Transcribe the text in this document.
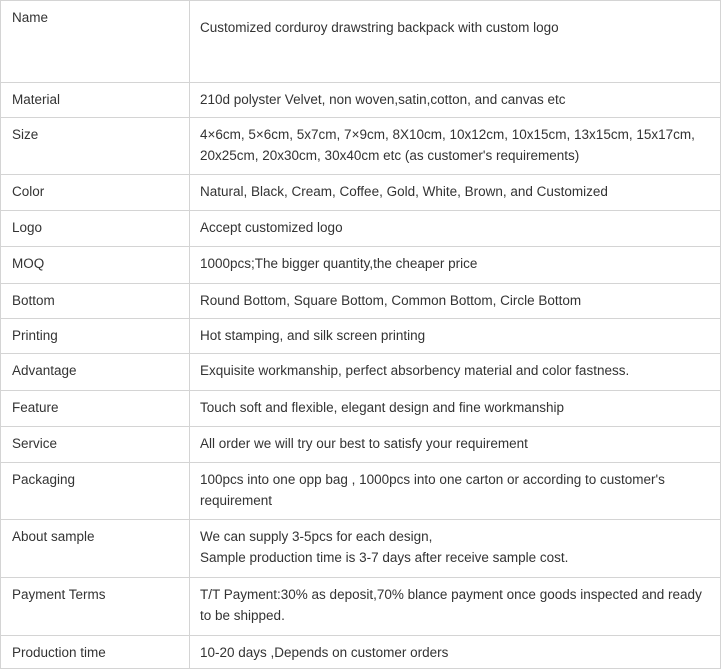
Name	Customized corduroy drawstring backpack with custom logo

Material	210d polyster Velvet, non woven,satin,cotton, and canvas etc

Size	4×6cm, 5×6cm, 5x7cm, 7×9cm, 8X10cm, 10x12cm, 10x15cm, 13x15cm, 15x17cm, 20x25cm, 20x30cm, 30x40cm etc (as customer's requirements)

Color	Natural, Black, Cream, Coffee, Gold, White, Brown, and Customized

Logo	Accept customized logo

MOQ	1000pcs;The bigger quantity,the cheaper price

Bottom	Round Bottom, Square Bottom, Common Bottom, Circle Bottom

Printing	Hot stamping, and silk screen printing

Advantage	Exquisite workmanship, perfect absorbency material and color fastness.

Feature	Touch soft and flexible, elegant design and fine workmanship

Service	All order we will try our best to satisfy your requirement

Packaging	100pcs into one opp bag , 1000pcs into one carton or according to customer's requirement

About sample	We can supply 3-5pcs for each design,
Sample production time is 3-7 days after receive sample cost.

Payment Terms	T/T Payment:30% as deposit,70% blance payment once goods inspected and ready to be shipped.

Production time	10-20 days ,Depends on customer orders
